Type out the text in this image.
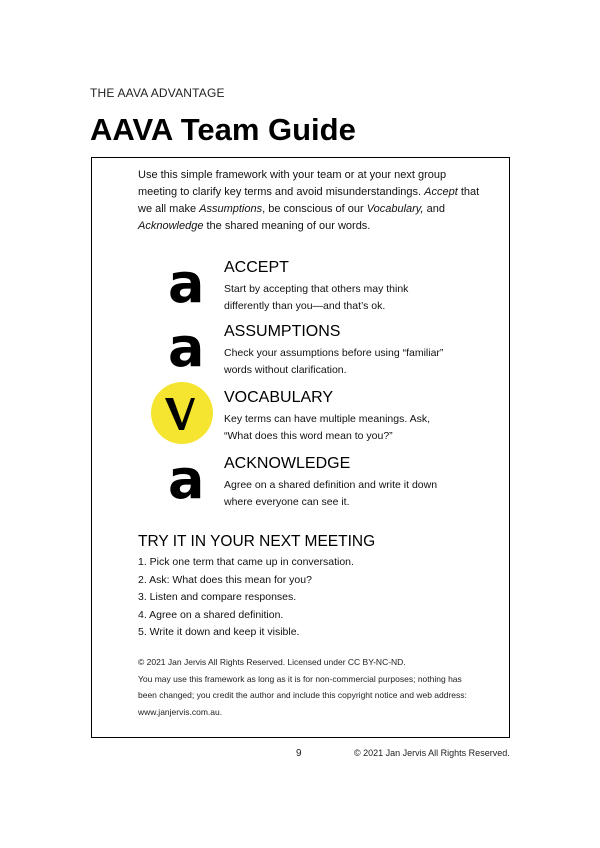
THE AAVA ADVANTAGE
AAVA Team Guide

Use this simple framework with your team or at your next group meeting to clarify key terms and avoid misunderstandings. Accept that we all make Assumptions, be conscious of our Vocabulary, and Acknowledge the shared meaning of our words.

a ACCEPT

Start by accepting that others may think differently than you—and that’s ok.

a ASSUMPTIONS

Check your assumptions before using “familiar” words without clarification.

VOCABULARY

Key terms can have multiple meanings. Ask, “What does this word mean to you?”

a ACKNOWLEDGE

Agree on a shared definition and write it down where everyone can see it.

TRY IT IN YOUR NEXT MEETING
1. Pick one term that came up in conversation.
2. Ask: What does this mean for you?
3. Listen and compare responses.
4. Agree on a shared definition.
5. Write it down and keep it visible.

© 2021 Jan Jervis All Rights Reserved. Licensed under CC BY-NC-ND.
You may use this framework as long as it is for non-commercial purposes; nothing has been changed; you credit the author and include this copyright notice and web address: www.janjervis.com.au.

9	© 2021 Jan Jervis All Rights Reserved.
